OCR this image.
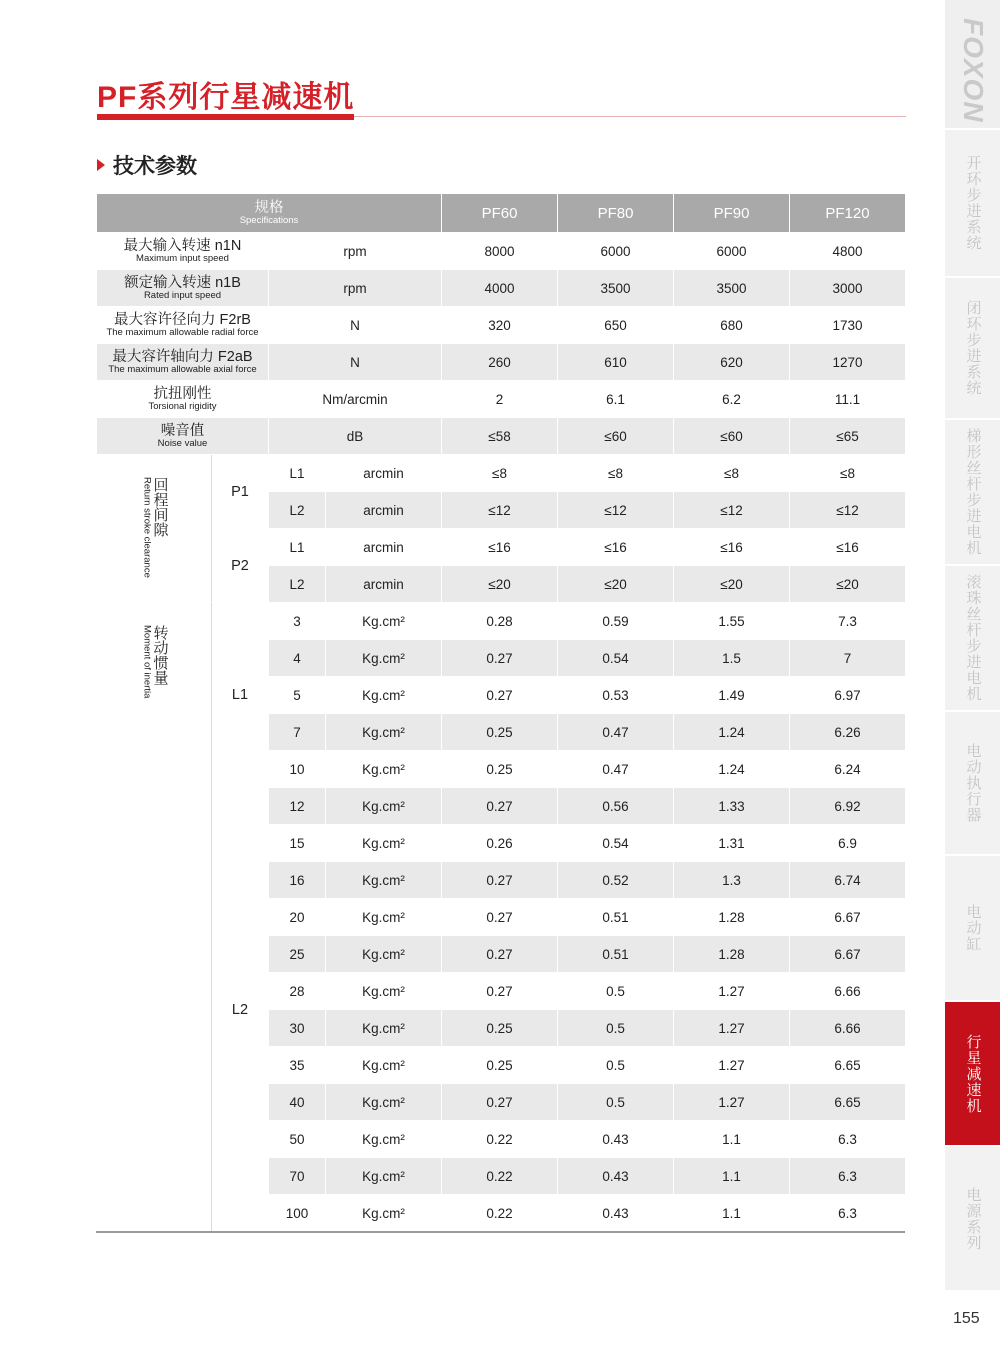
PF系列行星减速机
技术参数
规格
Specifications				PF60	PF80	PF90	PF120

最大输入转速 n1N
Maximum input speed		rpm		8000	6000	6000	4800

额定输入转速 n1B
Rated input speed		rpm		4000	3500	3500	3000

最大容许径向力 F2rB
The maximum allowable radial force		N		320	650	680	1730

最大容许轴向力 F2aB
The maximum allowable axial force		N		260	610	620	1270

抗扭刚性
Torsional rigidity		Nm/arcmin		2	6.1	6.2	11.1

噪音值
Noise value		dB		≤58	≤60	≤60	≤65

Return stroke clearance 回程间隙	P1	L1	arcmin	≤8	≤8	≤8	≤8
		L2	arcmin	≤12	≤12	≤12	≤12
	P2	L1	arcmin	≤16	≤16	≤16	≤16
		L2	arcmin	≤20	≤20	≤20	≤20

Moment of inertia 转动惯量	L1	3	Kg.cm²	0.28	0.59	1.55	7.3
		4	Kg.cm²	0.27	0.54	1.5	7
		5	Kg.cm²	0.27	0.53	1.49	6.97
		7	Kg.cm²	0.25	0.47	1.24	6.26
		10	Kg.cm²	0.25	0.47	1.24	6.24
	L2	12	Kg.cm²	0.27	0.56	1.33	6.92
		15	Kg.cm²	0.26	0.54	1.31	6.9
		16	Kg.cm²	0.27	0.52	1.3	6.74
		20	Kg.cm²	0.27	0.51	1.28	6.67
		25	Kg.cm²	0.27	0.51	1.28	6.67
		28	Kg.cm²	0.27	0.5	1.27	6.66
		30	Kg.cm²	0.25	0.5	1.27	6.66
		35	Kg.cm²	0.25	0.5	1.27	6.65
		40	Kg.cm²	0.27	0.5	1.27	6.65
		50	Kg.cm²	0.22	0.43	1.1	6.3
		70	Kg.cm²	0.22	0.43	1.1	6.3
		100	Kg.cm²	0.22	0.43	1.1	6.3
FOXON
开环步进系统
闭环步进系统
梯形丝杆步进电机
滚珠丝杆步进电机
电动执行器
电动缸
行星减速机
电源系列
155
